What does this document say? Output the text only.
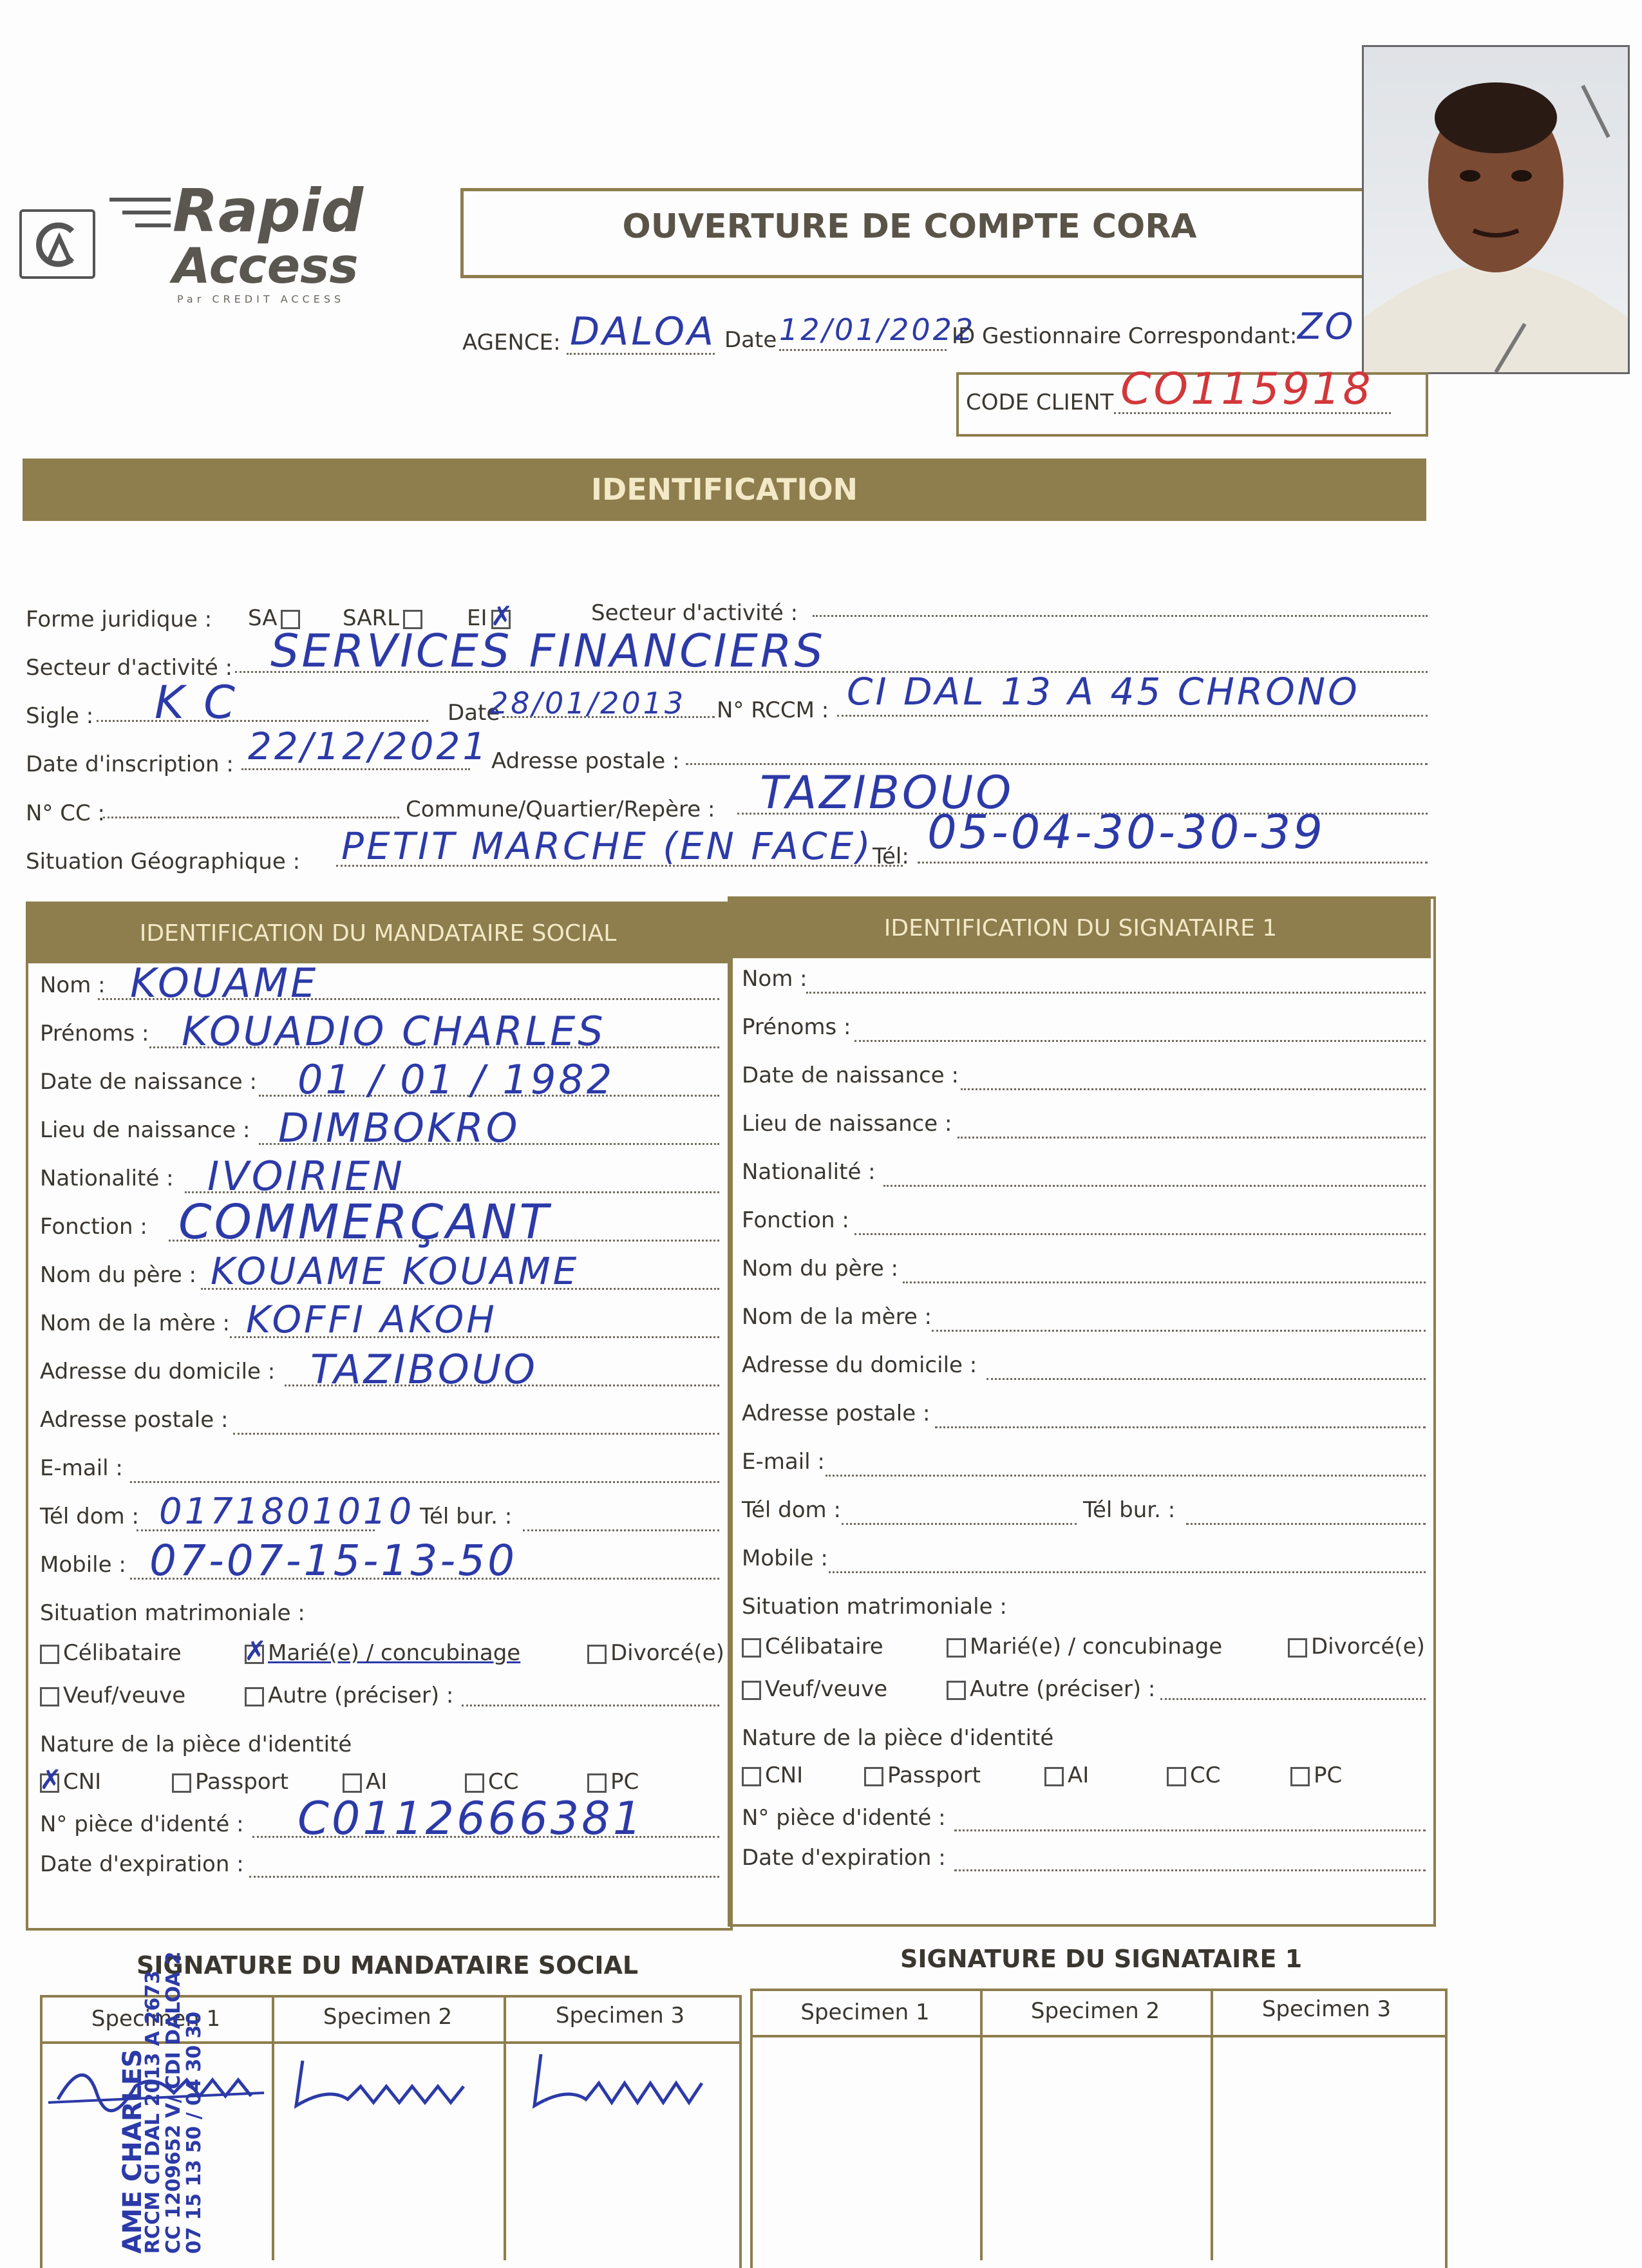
Rapid
Access
Par CREDIT ACCESS
OUVERTURE DE COMPTE CORA
AGENCE: DALOA Date 12/01/2022
ID Gestionnaire Correspondant: ZO
CODE CLIENT CO115918
IDENTIFICATION
Forme juridique : SA	SARL	EI ✗	Secteur d'activité :
Secteur d'activité : SERVICES FINANCIERS
Sigle : K C	Date
28/01/2013 N° RCCM : CI DAL 13 A 45 CHRONO
Date d'inscription : 22/12/2021 Adresse postale :
N° CC :	Commune/Quartier/Repère : TAZIBOUO
Situation Géographique : PETIT MARCHE (EN FACE) Tél: 05-04-30-30-39
IDENTIFICATION DU MANDATAIRE SOCIAL	IDENTIFICATION DU SIGNATAIRE 1
Nom : KOUAME
Prénoms : KOUADIO CHARLES
Date de naissance : 01 / 01 / 1982
Lieu de naissance : DIMBOKRO
Nationalité : IVOIRIEN
Fonction : COMMERÇANT
Nom du père : KOUAME KOUAME
Nom de la mère : KOFFI AKOH
Adresse du domicile : TAZIBOUO
Adresse postale :
E-mail :
Tél dom : 0171801010 Tél bur. :
Mobile : 07-07-15-13-50
Situation matrimoniale :
Célibataire ✗	Marié(e) / concubinage	Divorcé(e)
Veuf/veuve	Autre (préciser) :
Nature de la pièce d'identité
✗CNI	Passport	AI	CC	PC
N° pièce d'identé : C0112666381
Date d'expiration :
Nom :
Prénoms :
Date de naissance :
Lieu de naissance :
Nationalité :
Fonction :
Nom du père :
Nom de la mère :
Adresse du domicile :
Adresse postale :
E-mail :
Tél dom :	Tél bur. :
Mobile :
Situation matrimoniale :
Célibataire	Marié(e) / concubinage	Divorcé(e)
Veuf/veuve	Autre (préciser) :
Nature de la pièce d'identité
CNI	Passport	AI	CC	PC
N° pièce d'identé :
Date d'expiration :
SIGNATURE DU MANDATAIRE SOCIAL	SIGNATURE DU SIGNATAIRE 1
Specimen 1	Specimen 2	Specimen 3
AME CHARLES
RCCM CI DAL 2013 A 2673
CC 1209652 V/ CDI DALOA 2
07 15 13 50 / 04 30 30	Specimen 1	Specimen 2	Specimen 3
